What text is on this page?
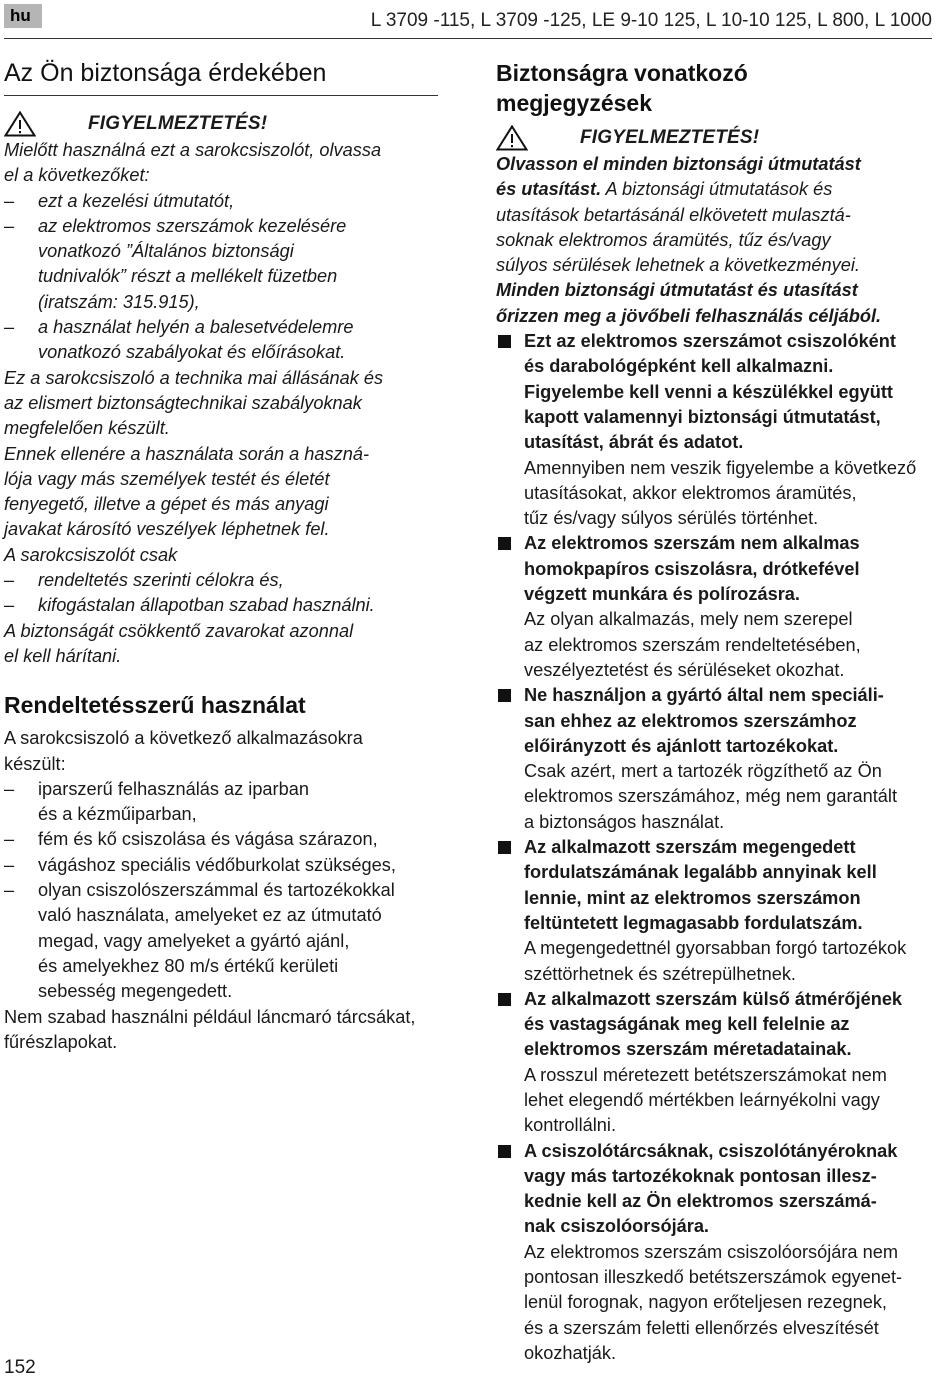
hu	L 3709 -115, L 3709 -125, LE 9-10 125, L 10-10 125, L 800, L 1000
Az Ön biztonsága érdekében
FIGYELMEZTETÉS!
Mielőtt használná ezt a sarokcsiszolót, olvassa
el a következőket:
– ezt a kezelési útmutatót,
– az elektromos szerszámok kezelésére
vonatkozó ”Általános biztonsági
tudnivalók” részt a mellékelt füzetben
(iratszám: 315.915),
– a használat helyén a balesetvédelemre
vonatkozó szabályokat és előírásokat.
Ez a sarokcsiszoló a technika mai állásának és
az elismert biztonságtechnikai szabályoknak
megfelelően készült.
Ennek ellenére a használata során a haszná-
lója vagy más személyek testét és életét
fenyegető, illetve a gépet és más anyagi
javakat károsító veszélyek léphetnek fel.

A sarokcsiszolót csak

– rendeltetés szerinti célokra és,
– kifogástalan állapotban szabad használni.
A biztonságát csökkentő zavarokat azonnal
el kell hárítani.
Rendeltetésszerű használat
A sarokcsiszoló a következő alkalmazásokra
készült:
– iparszerű felhasználás az iparban
és a kézműiparban,
– fém és kő csiszolása és vágása szárazon,
– vágáshoz speciális védőburkolat szükséges,
– olyan csiszolószerszámmal és tartozékokkal
való használata, amelyeket ez az útmutató
megad, vagy amelyeket a gyártó ajánl,
és amelyekhez 80 m/s értékű kerületi
sebesség megengedett.
Nem szabad használni például láncmaró tárcsákat,
fűrészlapokat.
Biztonságra vonatkozó
megjegyzések
FIGYELMEZTETÉS!
Olvasson el minden biztonsági útmutatást
és utasítást. A biztonsági útmutatások és
utasítások betartásánál elkövetett mulasztá-
soknak elektromos áramütés, tűz és/vagy
súlyos sérülések lehetnek a következményei.
Minden biztonsági útmutatást és utasítást
őrizzen meg a jövőbeli felhasználás céljából.
Ezt az elektromos szerszámot csiszolóként
és darabológépként kell alkalmazni.
Figyelembe kell venni a készülékkel együtt
kapott valamennyi biztonsági útmutatást,
utasítást, ábrát és adatot.
Amennyiben nem veszik figyelembe a következő
utasításokat, akkor elektromos áramütés,
tűz és/vagy súlyos sérülés történhet.
Az elektromos szerszám nem alkalmas
homokpapíros csiszolásra, drótkefével
végzett munkára és polírozásra.
Az olyan alkalmazás, mely nem szerepel
az elektromos szerszám rendeltetésében,
veszélyeztetést és sérüléseket okozhat.
Ne használjon a gyártó által nem speciáli-
san ehhez az elektromos szerszámhoz
előirányzott és ajánlott tartozékokat.
Csak azért, mert a tartozék rögzíthető az Ön
elektromos szerszámához, még nem garantált
a biztonságos használat.
Az alkalmazott szerszám megengedett
fordulatszámának legalább annyinak kell
lennie, mint az elektromos szerszámon
feltüntetett legmagasabb fordulatszám.
A megengedettnél gyorsabban forgó tartozékok
széttörhetnek és szétrepülhetnek.
Az alkalmazott szerszám külső átmérőjének
és vastagságának meg kell felelnie az
elektromos szerszám méretadatainak.
A rosszul méretezett betétszerszámokat nem
lehet elegendő mértékben leárnyékolni vagy
kontrollálni.
A csiszolótárcsáknak, csiszolótányéroknak
vagy más tartozékoknak pontosan illesz-
kednie kell az Ön elektromos szerszámá-
nak csiszolóorsójára.
Az elektromos szerszám csiszolóorsójára nem
pontosan illeszkedő betétszerszámok egyenet-
lenül forognak, nagyon erőteljesen rezegnek,
és a szerszám feletti ellenőrzés elveszítését
okozhatják.
152
